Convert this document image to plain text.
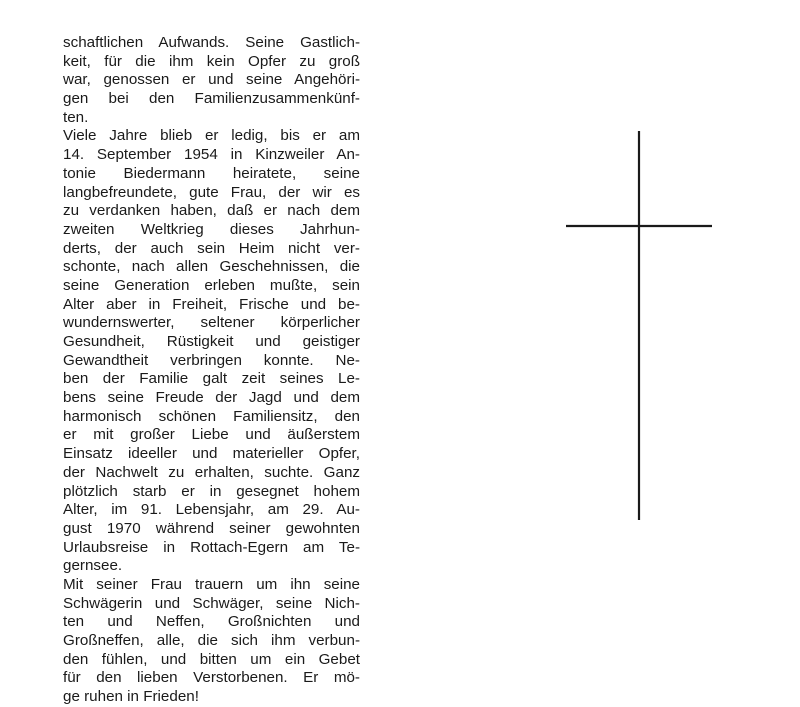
schaftlichen Aufwands. Seine Gastlich-
keit, für die ihm kein Opfer zu groß
war, genossen er und seine Angehöri-
gen bei den Familienzusammenkünf-
ten.
Viele Jahre blieb er ledig, bis er am
14. September 1954 in Kinzweiler An-
tonie Biedermann heiratete, seine
langbefreundete, gute Frau, der wir es
zu verdanken haben, daß er nach dem
zweiten Weltkrieg dieses Jahrhun-
derts, der auch sein Heim nicht ver-
schonte, nach allen Geschehnissen, die
seine Generation erleben mußte, sein
Alter aber in Freiheit, Frische und be-
wundernswerter, seltener körperlicher
Gesundheit, Rüstigkeit und geistiger
Gewandtheit verbringen konnte. Ne-
ben der Familie galt zeit seines Le-
bens seine Freude der Jagd und dem
harmonisch schönen Familiensitz, den
er mit großer Liebe und äußerstem
Einsatz ideeller und materieller Opfer,
der Nachwelt zu erhalten, suchte. Ganz
plötzlich starb er in gesegnet hohem
Alter, im 91. Lebensjahr, am 29. Au-
gust 1970 während seiner gewohnten
Urlaubsreise in Rottach-Egern am Te-
gernsee.
Mit seiner Frau trauern um ihn seine
Schwägerin und Schwäger, seine Nich-
ten und Neffen, Großnichten und
Großneffen, alle, die sich ihm verbun-
den fühlen, und bitten um ein Gebet
für den lieben Verstorbenen. Er mö-
ge ruhen in Frieden!
